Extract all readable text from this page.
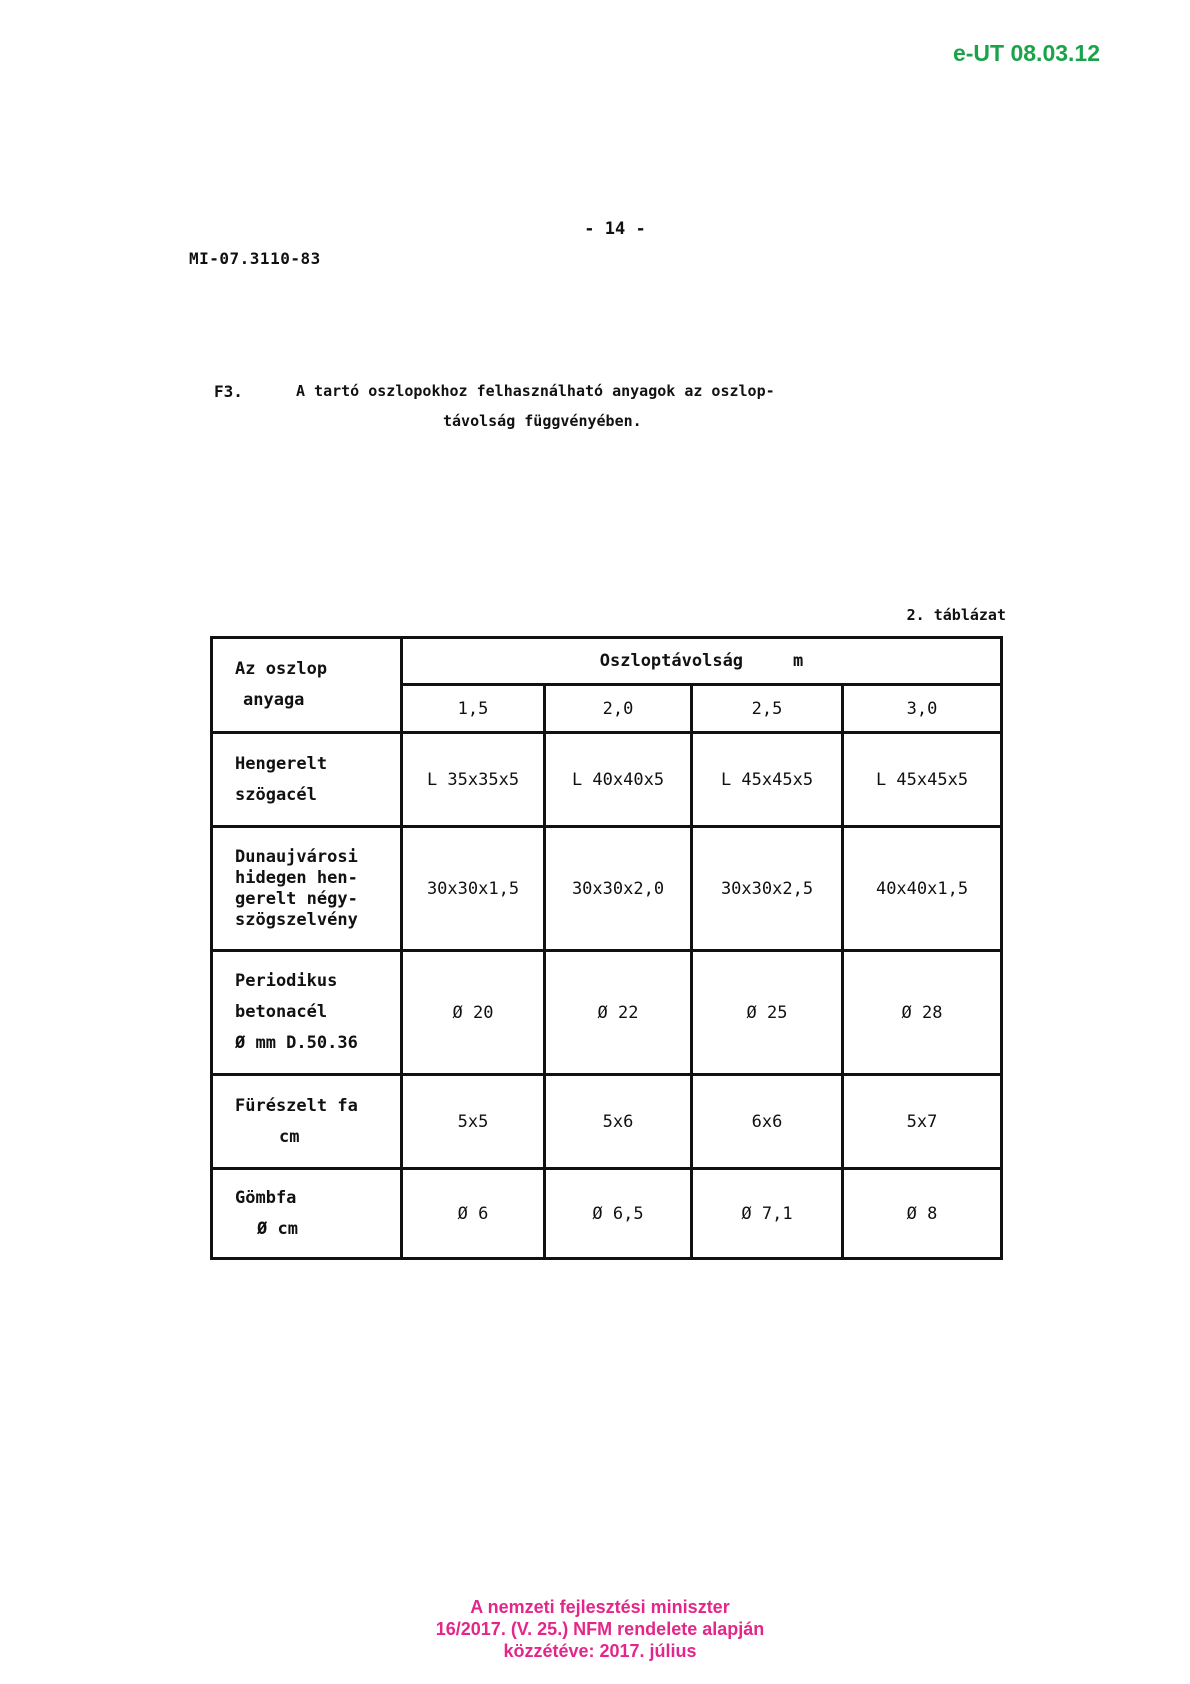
e-UT 08.03.12
- 14 -
MI-07.3110-83
F3.	A tartó oszlopokhoz felhasználható anyagok az oszlop-
távolság függvényében.
2. táblázat
Az oszlop
anyaga	Oszloptávolság m			
	1,5	2,0	2,5	3,0

Hengerelt
szögacél	L 35x35x5	L 40x40x5	L 45x45x5	L 45x45x5

Dunaujvárosi
hidegen hen-
gerelt négy-
szögszelvény	30x30x1,5	30x30x2,0	30x30x2,5	40x40x1,5

Periodikus
betonacél
Ø mm D.50.36	Ø 20	Ø 22	Ø 25	Ø 28

Fürészelt fa
cm	5x5	5x6	6x6	5x7

Gömbfa
Ø cm	Ø 6	Ø 6,5	Ø 7,1	Ø 8
A nemzeti fejlesztési miniszter
16/2017. (V. 25.) NFM rendelete alapján
közzétéve: 2017. július
